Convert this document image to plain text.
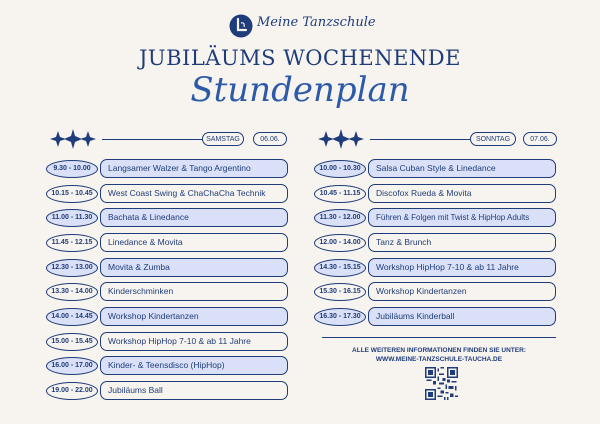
Meine Tanzschule
JUBILÄUMS WOCHENENDE
Stundenplan
SAMSTAG	06.06.	SONNTAG	07.06.
9.30 - 10.00	Langsamer Walzer & Tango Argentino
10.15 - 10.45	West Coast Swing & ChaChaCha Technik
11.00 - 11.30	Bachata & Linedance
11.45 - 12.15	Linedance & Movita
12.30 - 13.00	Movita & Zumba
13.30 - 14.00	Kinderschminken
14.00 - 14.45	Workshop Kindertanzen
15.00 - 15.45	Workshop HipHop 7-10 & ab 11 Jahre
16.00 - 17.00	Kinder- & Teensdisco (HipHop)
19.00 - 22.00	Jubiläums Ball
10.00 - 10.30	Salsa Cuban Style & Linedance
10.45 - 11.15	Discofox Rueda & Movita
11.30 - 12.00	Führen & Folgen mit Twist & HipHop Adults
12.00 - 14.00	Tanz & Brunch
14.30 - 15.15	Workshop HipHop 7-10 & ab 11 Jahre
15.30 - 16.15	Workshop Kindertanzen
16.30 - 17.30	Jubiläums Kinderball
ALLE WEITEREN INFORMATIONEN FINDEN SIE UNTER:
WWW.MEINE-TANZSCHULE-TAUCHA.DE
